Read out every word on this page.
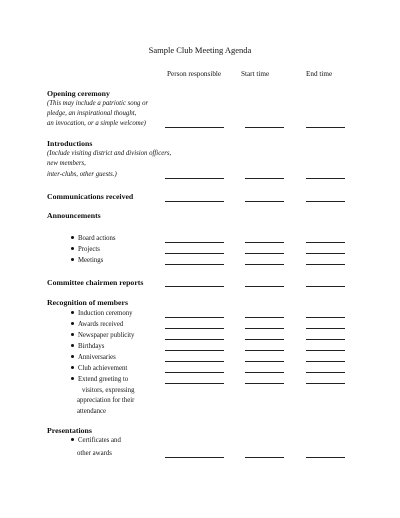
Sample Club Meeting Agenda
Person responsible	Start time	End time
Opening ceremony
(This may include a patriotic song or
pledge, an inspirational thought,
an invocation, or a simple welcome)
Introductions
(Include visiting district and division officers,
new members,
inter-clubs, other guests.)
Communications received
Announcements
Board actions
Projects
Meetings
Committee chairmen reports
Recognition of members
Induction ceremony
Awards received
Newspaper publicity
Birthdays
Anniversaries
Club achievement
Extend greeting to
visitors, expressing
appreciation for their
attendance
Presentations
Certificates and
other awards
